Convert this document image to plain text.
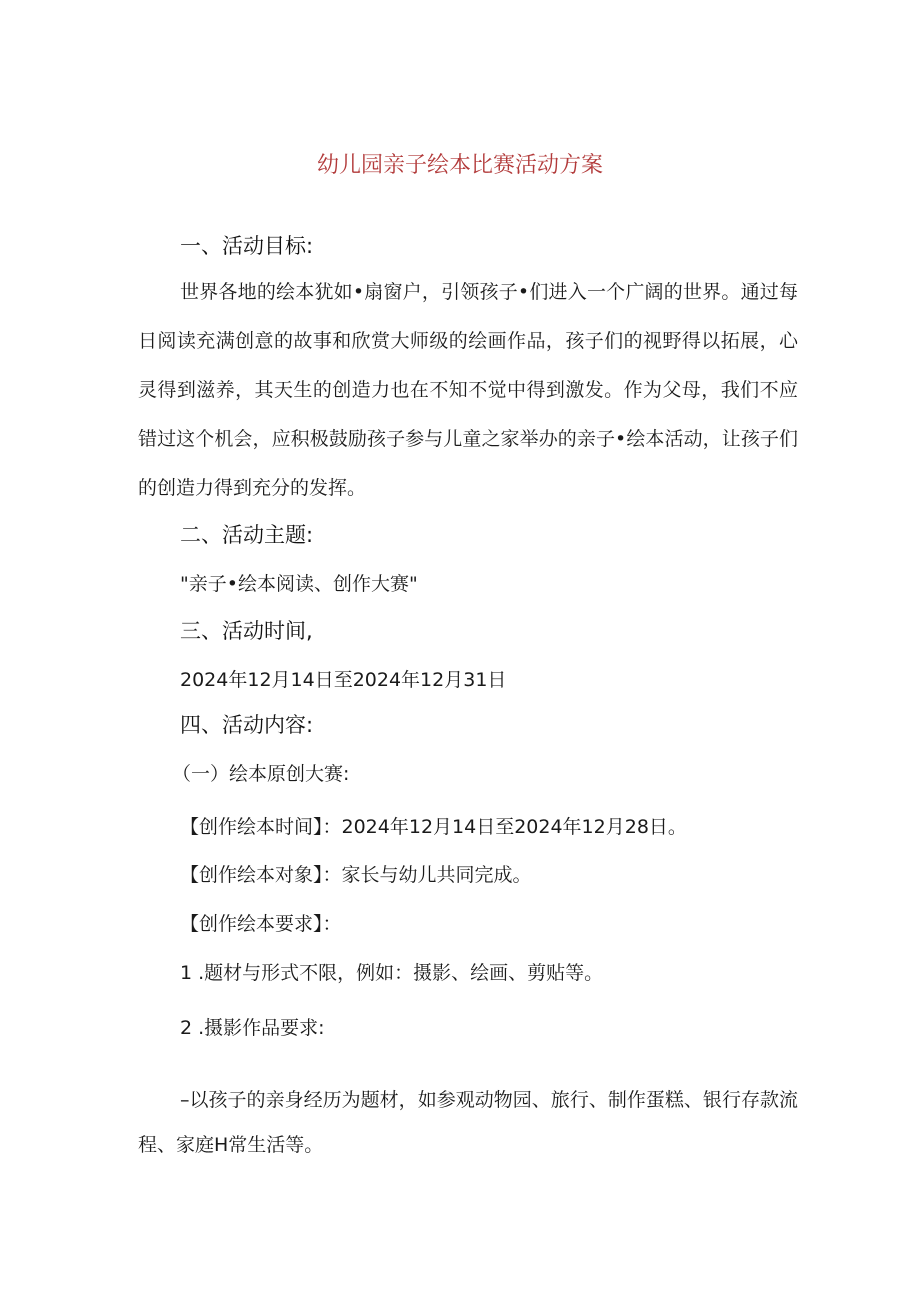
幼儿园亲子绘本比赛活动方案
一、活动目标:

世界各地的绘本犹如•扇窗户，引领孩子•们进入一个广阔的世界。通过每日阅读充满创意的故事和欣赏大师级的绘画作品，孩子们的视野得以拓展，心灵得到滋养，其天生的创造力也在不知不觉中得到激发。作为父母，我们不应错过这个机会，应积极鼓励孩子参与儿童之家举办的亲子•绘本活动，让孩子们的创造力得到充分的发挥。

二、活动主题:
"亲子•绘本阅读、创作大赛"
三、活动时间,
2024年12月14日至2024年12月31日
四、活动内容:
（一）绘本原创大赛:
【创作绘本时间】：2024年12月14日至2024年12月28日。
【创作绘本对象】：家长与幼儿共同完成。
【创作绘本要求】：
1 .题材与形式不限，例如：摄影、绘画、剪贴等。
2 .摄影作品要求:

–以孩子的亲身经历为题材，如参观动物园、旅行、制作蛋糕、银行存款流程、家庭H常生活等。
